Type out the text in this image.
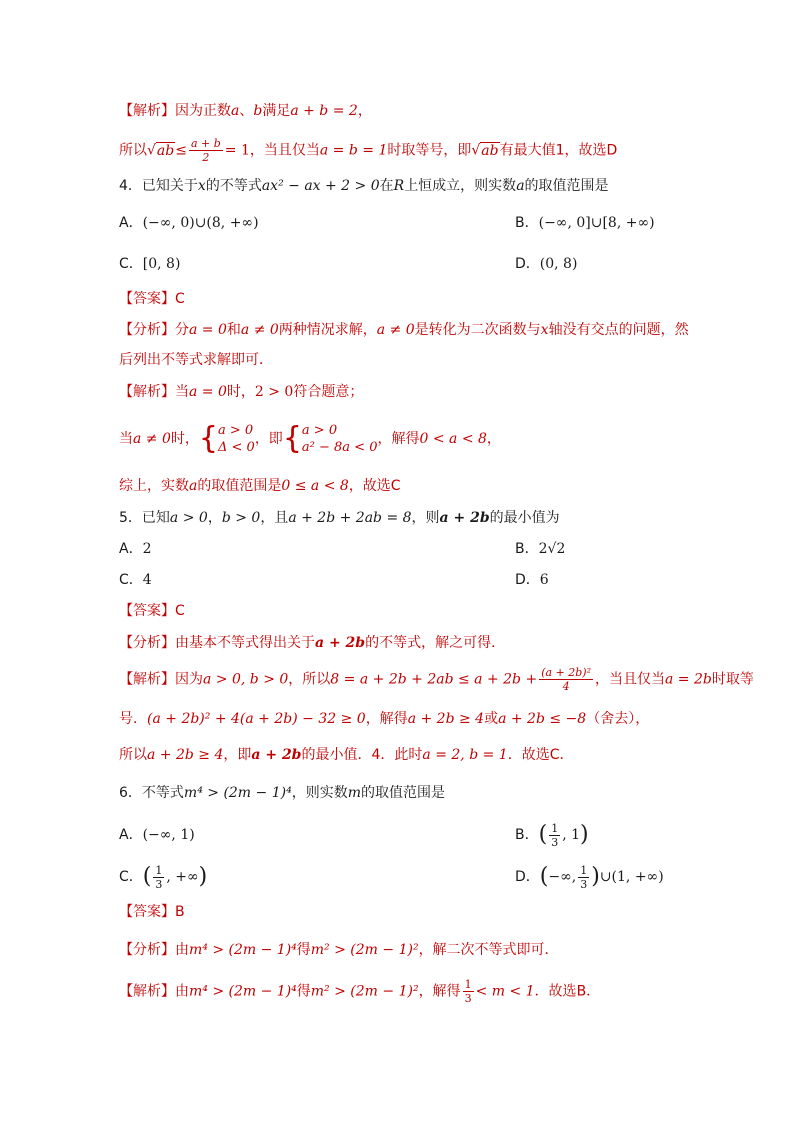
【解析】因为正数a、b满足a + b = 2，
所以$√ab\le \frac{a + b}{2} = 1$，当且仅当a = b = 1时取等号，即√ab有最大值1，故选D
4．已知关于x的不等式ax² − ax + 2 > 0在R上恒成立，则实数a的取值范围是
A．(−∞, 0)∪(8, +∞)	B．(−∞, 0]∪[8, +∞)
C．[0, 8)	D．(0, 8)
【答案】C
【分析】分a = 0和a ≠ 0两种情况求解，a ≠ 0是转化为二次函数与x轴没有交点的问题，然
后列出不等式求解即可．
【解析】当a = 0时，2 > 0符合题意；
当a ≠ 0时，{ a > 0
Δ < 0
，即{ a > 0
a² − 8a < 0
，解得0 < a < 8，
综上，实数a的取值范围是0 ≤ a < 8，故选C
5．已知a > 0，b > 0，且a + 2b + 2ab = 8，则a + 2b的最小值为
A．2	B．2√2
C．4	D．6
【答案】C
【分析】由基本不等式得出关于a + 2b的不等式，解之可得．
【解析】因为a > 0, b > 0，所以$8 = a + 2b + 2ab \le a + 2b + \frac{\text{(a + 2b)²}}{4}$ ，当且仅当a = 2b时取等
号．(a + 2b)² + 4(a + 2b) − 32 ≥ 0，解得a + 2b ≥ 4或a + 2b ≤ −8（舍去），
所以a + 2b ≥ 4，即a + 2b的最小值．4．此时a = 2, b = 1．故选C．
6．不等式m⁴ > (2m − 1)⁴，则实数m的取值范围是
A．(−∞, 1)	B．( $\frac{1}{3}$ , 1)
C．( $\frac{1}{3}$ , +∞)	D．(−∞, $\frac{1}{3}$ )∪(1, +∞)
【答案】B
【分析】由m⁴ > (2m − 1)⁴得m² > (2m − 1)²，解二次不等式即可．
【解析】由m⁴ > (2m − 1)⁴得m² > (2m − 1)²，解得 $\frac{1}{3} < m < 1$．故选B．
